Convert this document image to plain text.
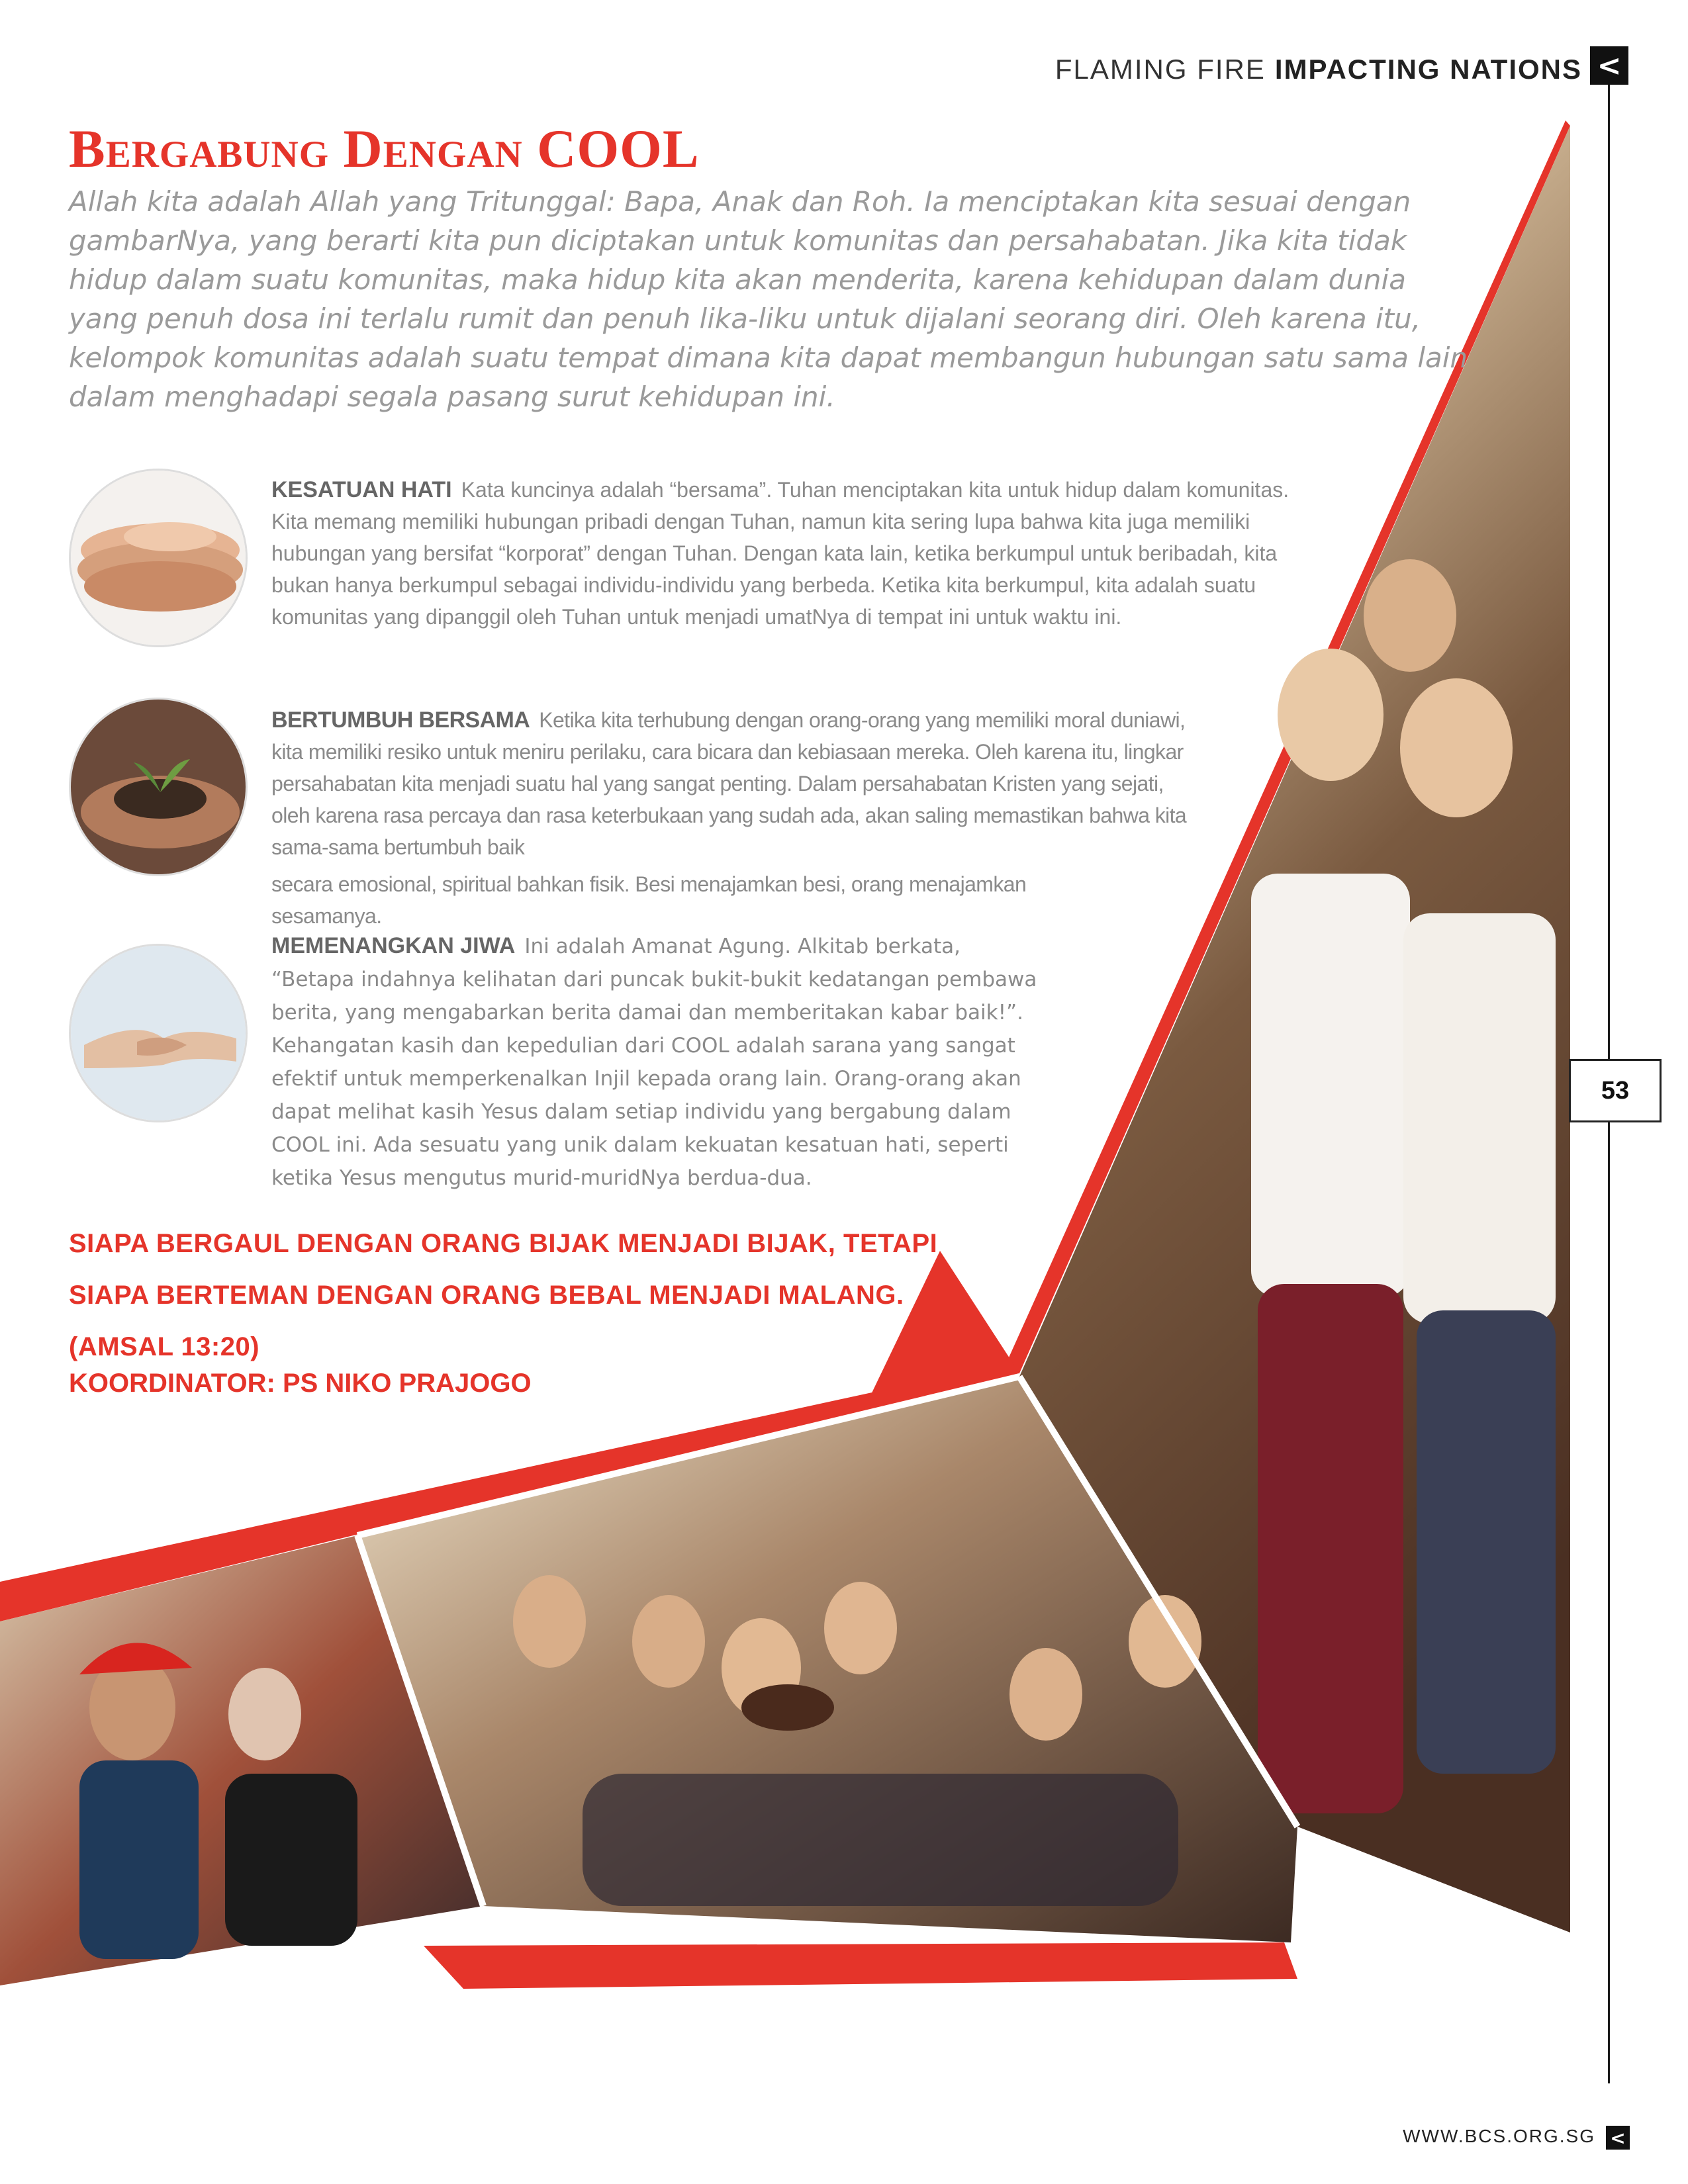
FLAMING FIRE IMPACTING NATIONS <
53
Bergabung Dengan COOL
Allah kita adalah Allah yang Tritunggal: Bapa, Anak dan Roh. Ia menciptakan kita sesuai dengan gambarNya, yang berarti kita pun diciptakan untuk komunitas dan persahabatan. Jika kita tidak hidup dalam suatu komunitas, maka hidup kita akan menderita, karena kehidupan dalam dunia yang penuh dosa ini terlalu rumit dan penuh lika-liku untuk dijalani seorang diri. Oleh karena itu, kelompok komunitas adalah suatu tempat dimana kita dapat membangun hubungan satu sama lain dalam menghadapi segala pasang surut kehidupan ini.
KESATUAN HATI Kata kuncinya adalah “bersama”. Tuhan menciptakan kita untuk hidup dalam komunitas. Kita memang memiliki hubungan pribadi dengan Tuhan, namun kita sering lupa bahwa kita juga memiliki hubungan yang bersifat “korporat” dengan Tuhan. Dengan kata lain, ketika berkumpul untuk beribadah, kita bukan hanya berkumpul sebagai individu-individu yang berbeda. Ketika kita berkumpul, kita adalah suatu komunitas yang dipanggil oleh Tuhan untuk menjadi umatNya di tempat ini untuk waktu ini.
BERTUMBUH BERSAMA Ketika kita terhubung dengan orang-orang yang memiliki moral duniawi, kita memiliki resiko untuk meniru perilaku, cara bicara dan kebiasaan mereka. Oleh karena itu, lingkar persahabatan kita menjadi suatu hal yang sangat penting. Dalam persahabatan Kristen yang sejati, oleh karena rasa percaya dan rasa keterbukaan yang sudah ada, akan saling memastikan bahwa kita sama-sama bertumbuh baik
secara emosional, spiritual bahkan fisik. Besi menajamkan besi, orang menajamkan sesamanya.
MEMENANGKAN JIWA Ini adalah Amanat Agung. Alkitab berkata, “Betapa indahnya kelihatan dari puncak bukit-bukit kedatangan pembawa berita, yang mengabarkan berita damai dan memberitakan kabar baik!”. Kehangatan kasih dan kepedulian dari COOL adalah sarana yang sangat efektif untuk memperkenalkan Injil kepada orang lain. Orang-orang akan dapat melihat kasih Yesus dalam setiap individu yang bergabung dalam COOL ini. Ada sesuatu yang unik dalam kekuatan kesatuan hati, seperti ketika Yesus mengutus murid-muridNya berdua-dua.
SIAPA BERGAUL DENGAN ORANG BIJAK MENJADI BIJAK, TETAPI SIAPA BERTEMAN DENGAN ORANG BEBAL MENJADI MALANG. (AMSAL 13:20)
KOORDINATOR: PS NIKO PRAJOGO
WWW.BCS.ORG.SG <
